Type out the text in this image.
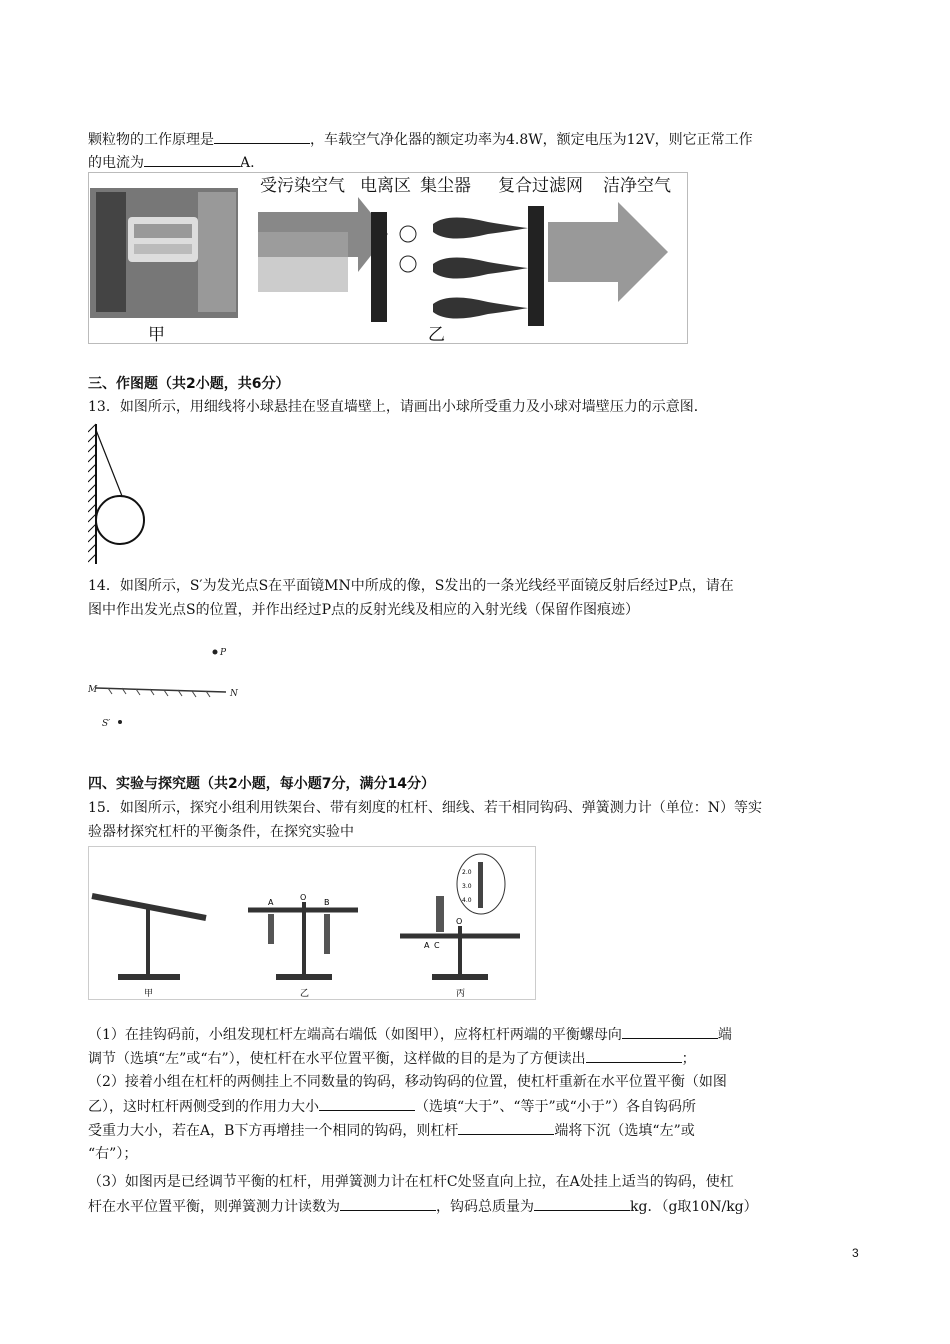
颗粒物的工作原理是	，车载空气净化器的额定功率为4.8W，额定电压为12V，则它正常工作
的电流为	A.
受污染空气 电离区 集尘器 复合过滤网 洁净空气
甲	乙
三、作图题（共2小题，共6分）
13．如图所示，用细线将小球悬挂在竖直墙壁上，请画出小球所受重力及小球对墙壁压力的示意图．
14．如图所示，S′为发光点S在平面镜MN中所成的像，S发出的一条光线经平面镜反射后经过P点，请在
图中作出发光点S的位置，并作出经过P点的反射光线及相应的入射光线（保留作图痕迹）
P
M	N
S′
四、实验与探究题（共2小题，每小题7分，满分14分）
15．如图所示，探究小组利用铁架台、带有刻度的杠杆、细线、若干相同钩码、弹簧测力计（单位：N）等实
验器材探究杠杆的平衡条件，在探究实验中
甲
A
O
B
乙
2.0
3.0
4.0
A C
O
丙
（1）在挂钩码前，小组发现杠杆左端高右端低（如图甲），应将杠杆两端的平衡螺母向	端
调节（选填“左”或“右”），使杠杆在水平位置平衡，这样做的目的是为了方便读出	；
（2）接着小组在杠杆的两侧挂上不同数量的钩码，移动钩码的位置，使杠杆重新在水平位置平衡（如图
乙），这时杠杆两侧受到的作用力大小	（选填“大于”、“等于”或“小于”）各自钩码所
受重力大小，若在A，B下方再增挂一个相同的钩码，则杠杆	端将下沉（选填“左”或
“右”）；
（3）如图丙是已经调节平衡的杠杆，用弹簧测力计在杠杆C处竖直向上拉，在A处挂上适当的钩码，使杠
杆在水平位置平衡，则弹簧测力计读数为	，钩码总质量为	kg．（g取10N/kg）
3
